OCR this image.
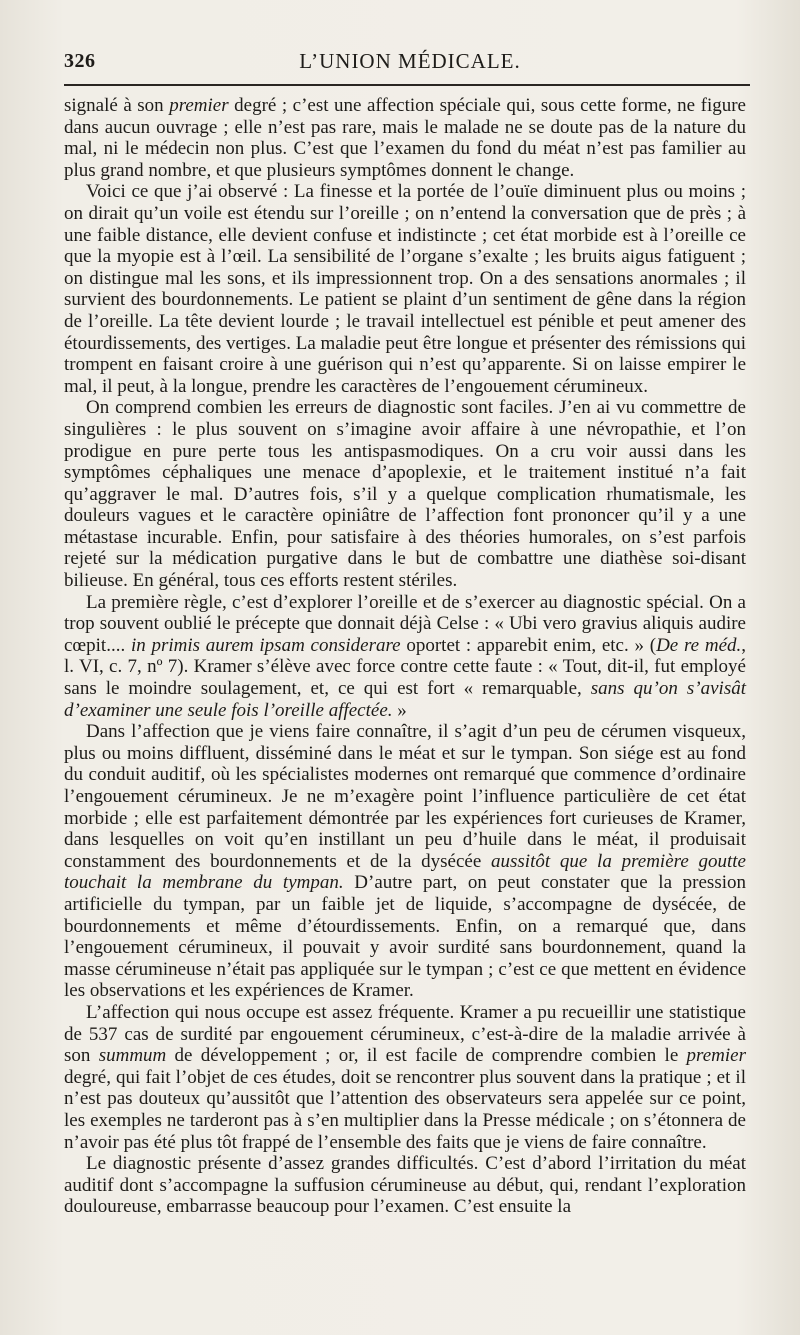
326	L’UNION MÉDICALE.

signalé à son premier degré ; c’est une affection spéciale qui, sous cette forme, ne figure dans aucun ouvrage ; elle n’est pas rare, mais le malade ne se doute pas de la nature du mal, ni le médecin non plus. C’est que l’examen du fond du méat n’est pas familier au plus grand nombre, et que plusieurs symptômes donnent le change.

Voici ce que j’ai observé : La finesse et la portée de l’ouïe diminuent plus ou moins ; on dirait qu’un voile est étendu sur l’oreille ; on n’entend la conversation que de près ; à une faible distance, elle devient confuse et indistincte ; cet état morbide est à l’oreille ce que la myopie est à l’œil. La sensibilité de l’organe s’exalte ; les bruits aigus fatiguent ; on distingue mal les sons, et ils impressionnent trop. On a des sensations anormales ; il survient des bourdonnements. Le patient se plaint d’un sentiment de gêne dans la région de l’oreille. La tête devient lourde ; le travail intellectuel est pénible et peut amener des étourdissements, des vertiges. La maladie peut être longue et présenter des rémissions qui trompent en faisant croire à une guérison qui n’est qu’apparente. Si on laisse empirer le mal, il peut, à la longue, prendre les caractères de l’engouement cérumineux.

On comprend combien les erreurs de diagnostic sont faciles. J’en ai vu commettre de singulières : le plus souvent on s’imagine avoir affaire à une névropathie, et l’on prodigue en pure perte tous les antispasmodiques. On a cru voir aussi dans les symptômes céphaliques une menace d’apoplexie, et le traitement institué n’a fait qu’aggraver le mal. D’autres fois, s’il y a quelque complication rhumatismale, les douleurs vagues et le caractère opiniâtre de l’affection font prononcer qu’il y a une métastase incurable. Enfin, pour satisfaire à des théories humorales, on s’est parfois rejeté sur la médication purgative dans le but de combattre une diathèse soi-disant bilieuse. En général, tous ces efforts restent stériles.

La première règle, c’est d’explorer l’oreille et de s’exercer au diagnostic spécial. On a trop souvent oublié le précepte que donnait déjà Celse : « Ubi vero gravius aliquis audire cœpit.... in primis aurem ipsam considerare oportet : apparebit enim, etc. » (De re méd., l. VI, c. 7, nº 7). Kramer s’élève avec force contre cette faute : « Tout, dit-il, fut employé sans le moindre soulagement, et, ce qui est fort « remarquable, sans qu’on s’avisât d’examiner une seule fois l’oreille affectée. »

Dans l’affection que je viens faire connaître, il s’agit d’un peu de cérumen visqueux, plus ou moins diffluent, disséminé dans le méat et sur le tympan. Son siége est au fond du conduit auditif, où les spécialistes modernes ont remarqué que commence d’ordinaire l’engouement cérumineux. Je ne m’exagère point l’influence particulière de cet état morbide ; elle est parfaitement démontrée par les expériences fort curieuses de Kramer, dans lesquelles on voit qu’en instillant un peu d’huile dans le méat, il produisait constamment des bourdonnements et de la dysécée aussitôt que la première goutte touchait la membrane du tympan. D’autre part, on peut constater que la pression artificielle du tympan, par un faible jet de liquide, s’accompagne de dysécée, de bourdonnements et même d’étourdissements. Enfin, on a remarqué que, dans l’engouement cérumineux, il pouvait y avoir surdité sans bourdonnement, quand la masse cérumineuse n’était pas appliquée sur le tympan ; c’est ce que mettent en évidence les observations et les expériences de Kramer.

L’affection qui nous occupe est assez fréquente. Kramer a pu recueillir une statistique de 537 cas de surdité par engouement cérumineux, c’est-à-dire de la maladie arrivée à son summum de développement ; or, il est facile de comprendre combien le premier degré, qui fait l’objet de ces études, doit se rencontrer plus souvent dans la pratique ; et il n’est pas douteux qu’aussitôt que l’attention des observateurs sera appelée sur ce point, les exemples ne tarderont pas à s’en multiplier dans la Presse médicale ; on s’étonnera de n’avoir pas été plus tôt frappé de l’ensemble des faits que je viens de faire connaître.

Le diagnostic présente d’assez grandes difficultés. C’est d’abord l’irritation du méat auditif dont s’accompagne la suffusion cérumineuse au début, qui, rendant l’exploration douloureuse, embarrasse beaucoup pour l’examen. C’est ensuite la
